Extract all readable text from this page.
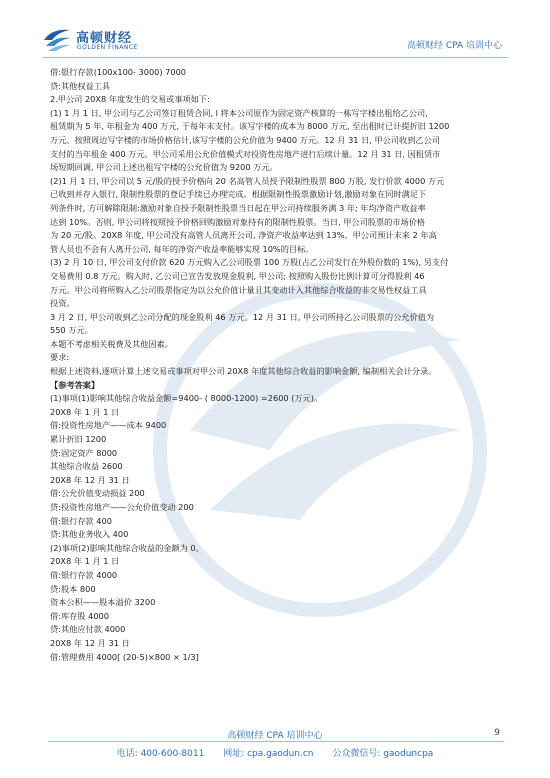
高顿财经
GOLDEN FINANCE	高顿财经 CPA 培训中心
借:银行存款(100x100- 3000) 7000
贷:其他权益工具
2.甲公司 20X8 年度发生的交易或事项如下:
(1) 1 月 1 日, 甲公司与乙公司签订租赁合同, l 将本公司原作为固定资产核算的一栋写字楼出租给乙公司,
租赁期为 5 年, 年租金为 400 万元, 于每年末支付。该写字楼的成本为 8000 万元, 至出租时已计提折旧 1200
万元。按照周边写字楼的市场价格估计,该写字楼的公允价值为 9400 万元。12 月 31 日, 甲公司收到乙公司
支付的当年租金 400 万元。甲公司采用公允价值模式对投资性房地产进行后续计量。12 月 31 日, 因租赁市
场短期回调, 甲公司上述出租写字楼的公允价值为 9200 万元。
(2)1 月 1 日, 甲公司以 5 元/股的授予价格向 20 名高管人员授予限制性股票 800 万股, 发行价款 4000 万元
已收到并存入银行, 限制性股票的登记手续已办理完成。根据限制性股票激励计划,激励对象在同时满足下
列条件时, 方可解除限制:激励对象自授予限制性股票当日起在甲公司持续服务满 3 年; 年均净资产收益率
达到 10%。否则, 甲公司将按照授予价格回购激励对象持有的限制性股票。当日, 甲公司股票的市场价格
为 20 元/股。20X8 年度, 甲公司没有高管人员离开公司, 净资产收益率达到 13%。甲公司预计未来 2 年高
管人员也不会有人离开公司, 每年的净资产收益率能够实现 10%的目标。
(3) 2 月 10 日, 甲公司支付价款 620 万元购入乙公司股票 100 万股(占乙公司发行在外股份数的 1%), 另支付
交易费用 0.8 万元。购入时, 乙公司已宣告发放现金股利, 甲公司; 按照购入股份比例计算可分得股利 46
万元。甲公司将所购入乙公司股票指定为以公允价值计量且其变动计入其他综合收益的非交易性权益工具
投资。
3 月 2 日, 甲公司收到乙公司分配的现金股利 46 万元。12 月 31 日, 甲公司所持乙公司股票的公允价值为
550 万元。
本题不考虑相关税费及其他因素。
要求:
根据上述资料,逐项计算上述交易或事项对甲公司 20X8 年度其他综合收益的影响金额, 编制相关会计分录。
【参考答案】
(1)事项(1)影响其他综合收益金额=9400- ( 8000-1200) =2600 (万元)。
20X8 年 1 月 1 日
借:投资性房地产——成本 9400
累计折旧 1200
贷:固定资产 8000
其他综合收益 2600
20X8 年 12 月 31 日
借:公允价值变动损益 200
贷:投资性房地产——公允价值变动 200
借:银行存款 400
贷:其他业务收入 400
(2)事项(2)影响其他综合收益的金额为 0。
20X8 年 1 月 1 日
借:银行存款 4000
贷:股本 800
资本公积——股本溢价 3200
借:库存股 4000
贷:其他应付款 4000
20X8 年 12 月 31 日
借:管理费用 4000[ (20-5)×800 × 1/3]
高顿财经 CPA 培训中心	9
电话: 400-600-8011 网址: cpa.gaodun.cn 公众微信号: gaoduncpa
